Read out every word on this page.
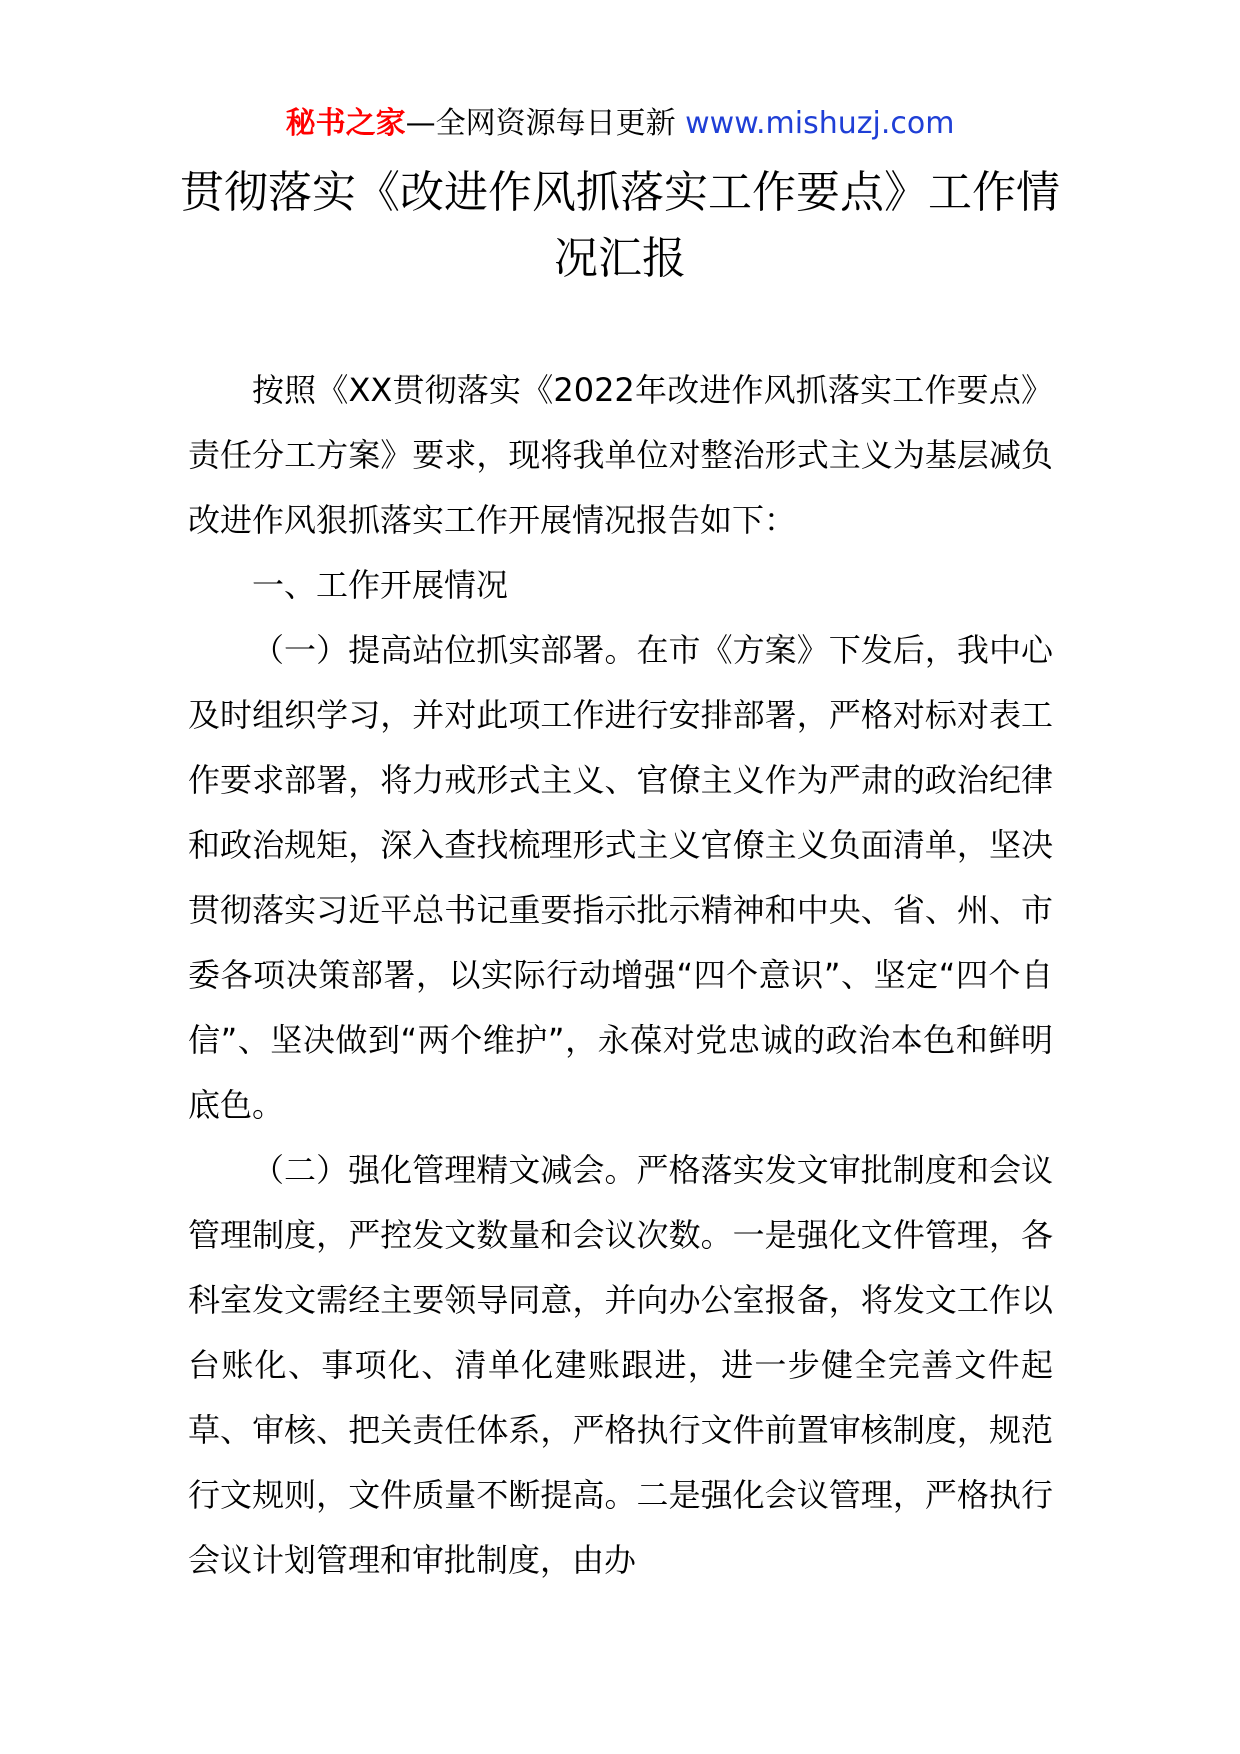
秘书之家—全网资源每日更新 www.mishuzj.com
贯彻落实《改进作风抓落实工作要点》工作情况汇报

按照《XX贯彻落实《2022年改进作风抓落实工作要点》责任分工方案》要求，现将我单位对整治形式主义为基层减负改进作风狠抓落实工作开展情况报告如下：

一、工作开展情况

（一）提高站位抓实部署。在市《方案》下发后，我中心及时组织学习，并对此项工作进行安排部署，严格对标对表工作要求部署，将力戒形式主义、官僚主义作为严肃的政治纪律和政治规矩，深入查找梳理形式主义官僚主义负面清单，坚决贯彻落实习近平总书记重要指示批示精神和中央、省、州、市委各项决策部署，以实际行动增强“四个意识”、坚定“四个自信”、坚决做到“两个维护”，永葆对党忠诚的政治本色和鲜明底色。

（二）强化管理精文减会。严格落实发文审批制度和会议管理制度，严控发文数量和会议次数。一是强化文件管理，各科室发文需经主要领导同意，并向办公室报备，将发文工作以台账化、事项化、清单化建账跟进，进一步健全完善文件起草、审核、把关责任体系，严格执行文件前置审核制度，规范行文规则，文件质量不断提高。二是强化会议管理，严格执行会议计划管理和审批制度，由办
